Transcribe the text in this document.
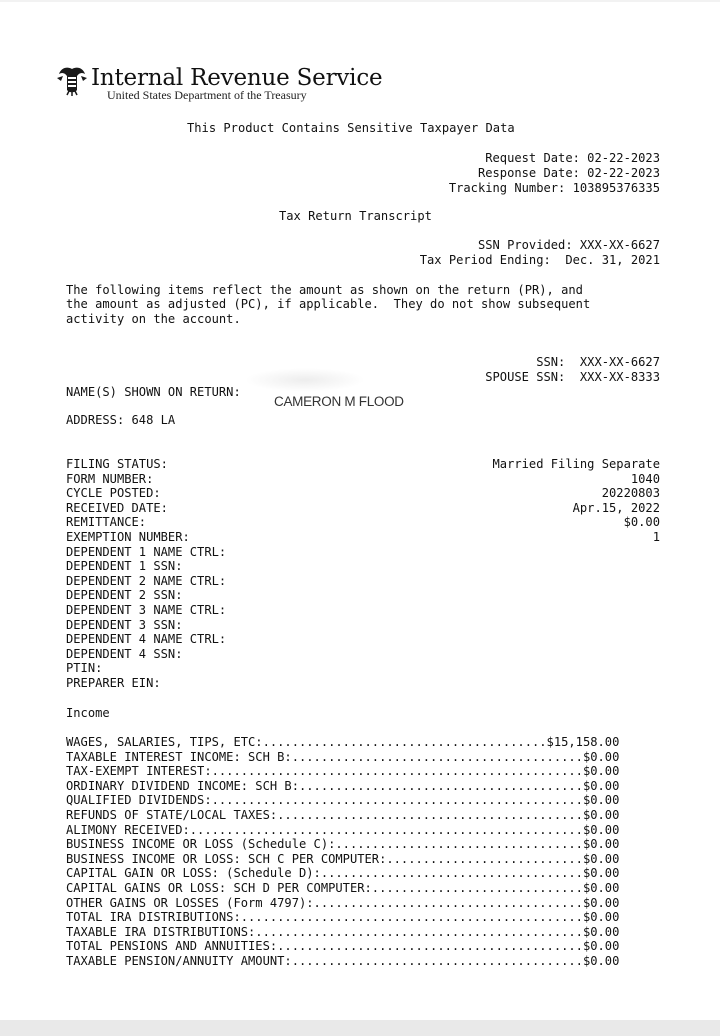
Internal Revenue Service
United States Department of the Treasury
This Product Contains Sensitive Taxpayer Data
Request Date: 02-22-2023
Response Date: 02-22-2023
Tracking Number: 103895376335
Tax Return Transcript
SSN Provided: XXX-XX-6627
Tax Period Ending:  Dec. 31, 2021
The following items reflect the amount as shown on the return (PR), and
the amount as adjusted (PC), if applicable.  They do not show subsequent
activity on the account.
SSN:  XXX-XX-6627
SPOUSE SSN:  XXX-XX-8333
NAME(S) SHOWN ON RETURN:
CAMERON M FLOOD
ADDRESS: 648 LA
FILING STATUS:	Married Filing Separate
FORM NUMBER:	1040
CYCLE POSTED:	20220803
RECEIVED DATE:	Apr.15, 2022
REMITTANCE:	$0.00
EXEMPTION NUMBER:	1
DEPENDENT 1 NAME CTRL:
DEPENDENT 1 SSN:
DEPENDENT 2 NAME CTRL:
DEPENDENT 2 SSN:
DEPENDENT 3 NAME CTRL:
DEPENDENT 3 SSN:
DEPENDENT 4 NAME CTRL:
DEPENDENT 4 SSN:
PTIN:
PREPARER EIN:
Income
WAGES, SALARIES, TIPS, ETC:.......................................$15,158.00
TAXABLE INTEREST INCOME: SCH B:........................................$0.00
TAX-EXEMPT INTEREST:...................................................$0.00
ORDINARY DIVIDEND INCOME: SCH B:.......................................$0.00
QUALIFIED DIVIDENDS:...................................................$0.00
REFUNDS OF STATE/LOCAL TAXES:..........................................$0.00
ALIMONY RECEIVED:......................................................$0.00
BUSINESS INCOME OR LOSS (Schedule C):..................................$0.00
BUSINESS INCOME OR LOSS: SCH C PER COMPUTER:...........................$0.00
CAPITAL GAIN OR LOSS: (Schedule D):....................................$0.00
CAPITAL GAINS OR LOSS: SCH D PER COMPUTER:.............................$0.00
OTHER GAINS OR LOSSES (Form 4797):.....................................$0.00
TOTAL IRA DISTRIBUTIONS:...............................................$0.00
TAXABLE IRA DISTRIBUTIONS:.............................................$0.00
TOTAL PENSIONS AND ANNUITIES:..........................................$0.00
TAXABLE PENSION/ANNUITY AMOUNT:........................................$0.00
